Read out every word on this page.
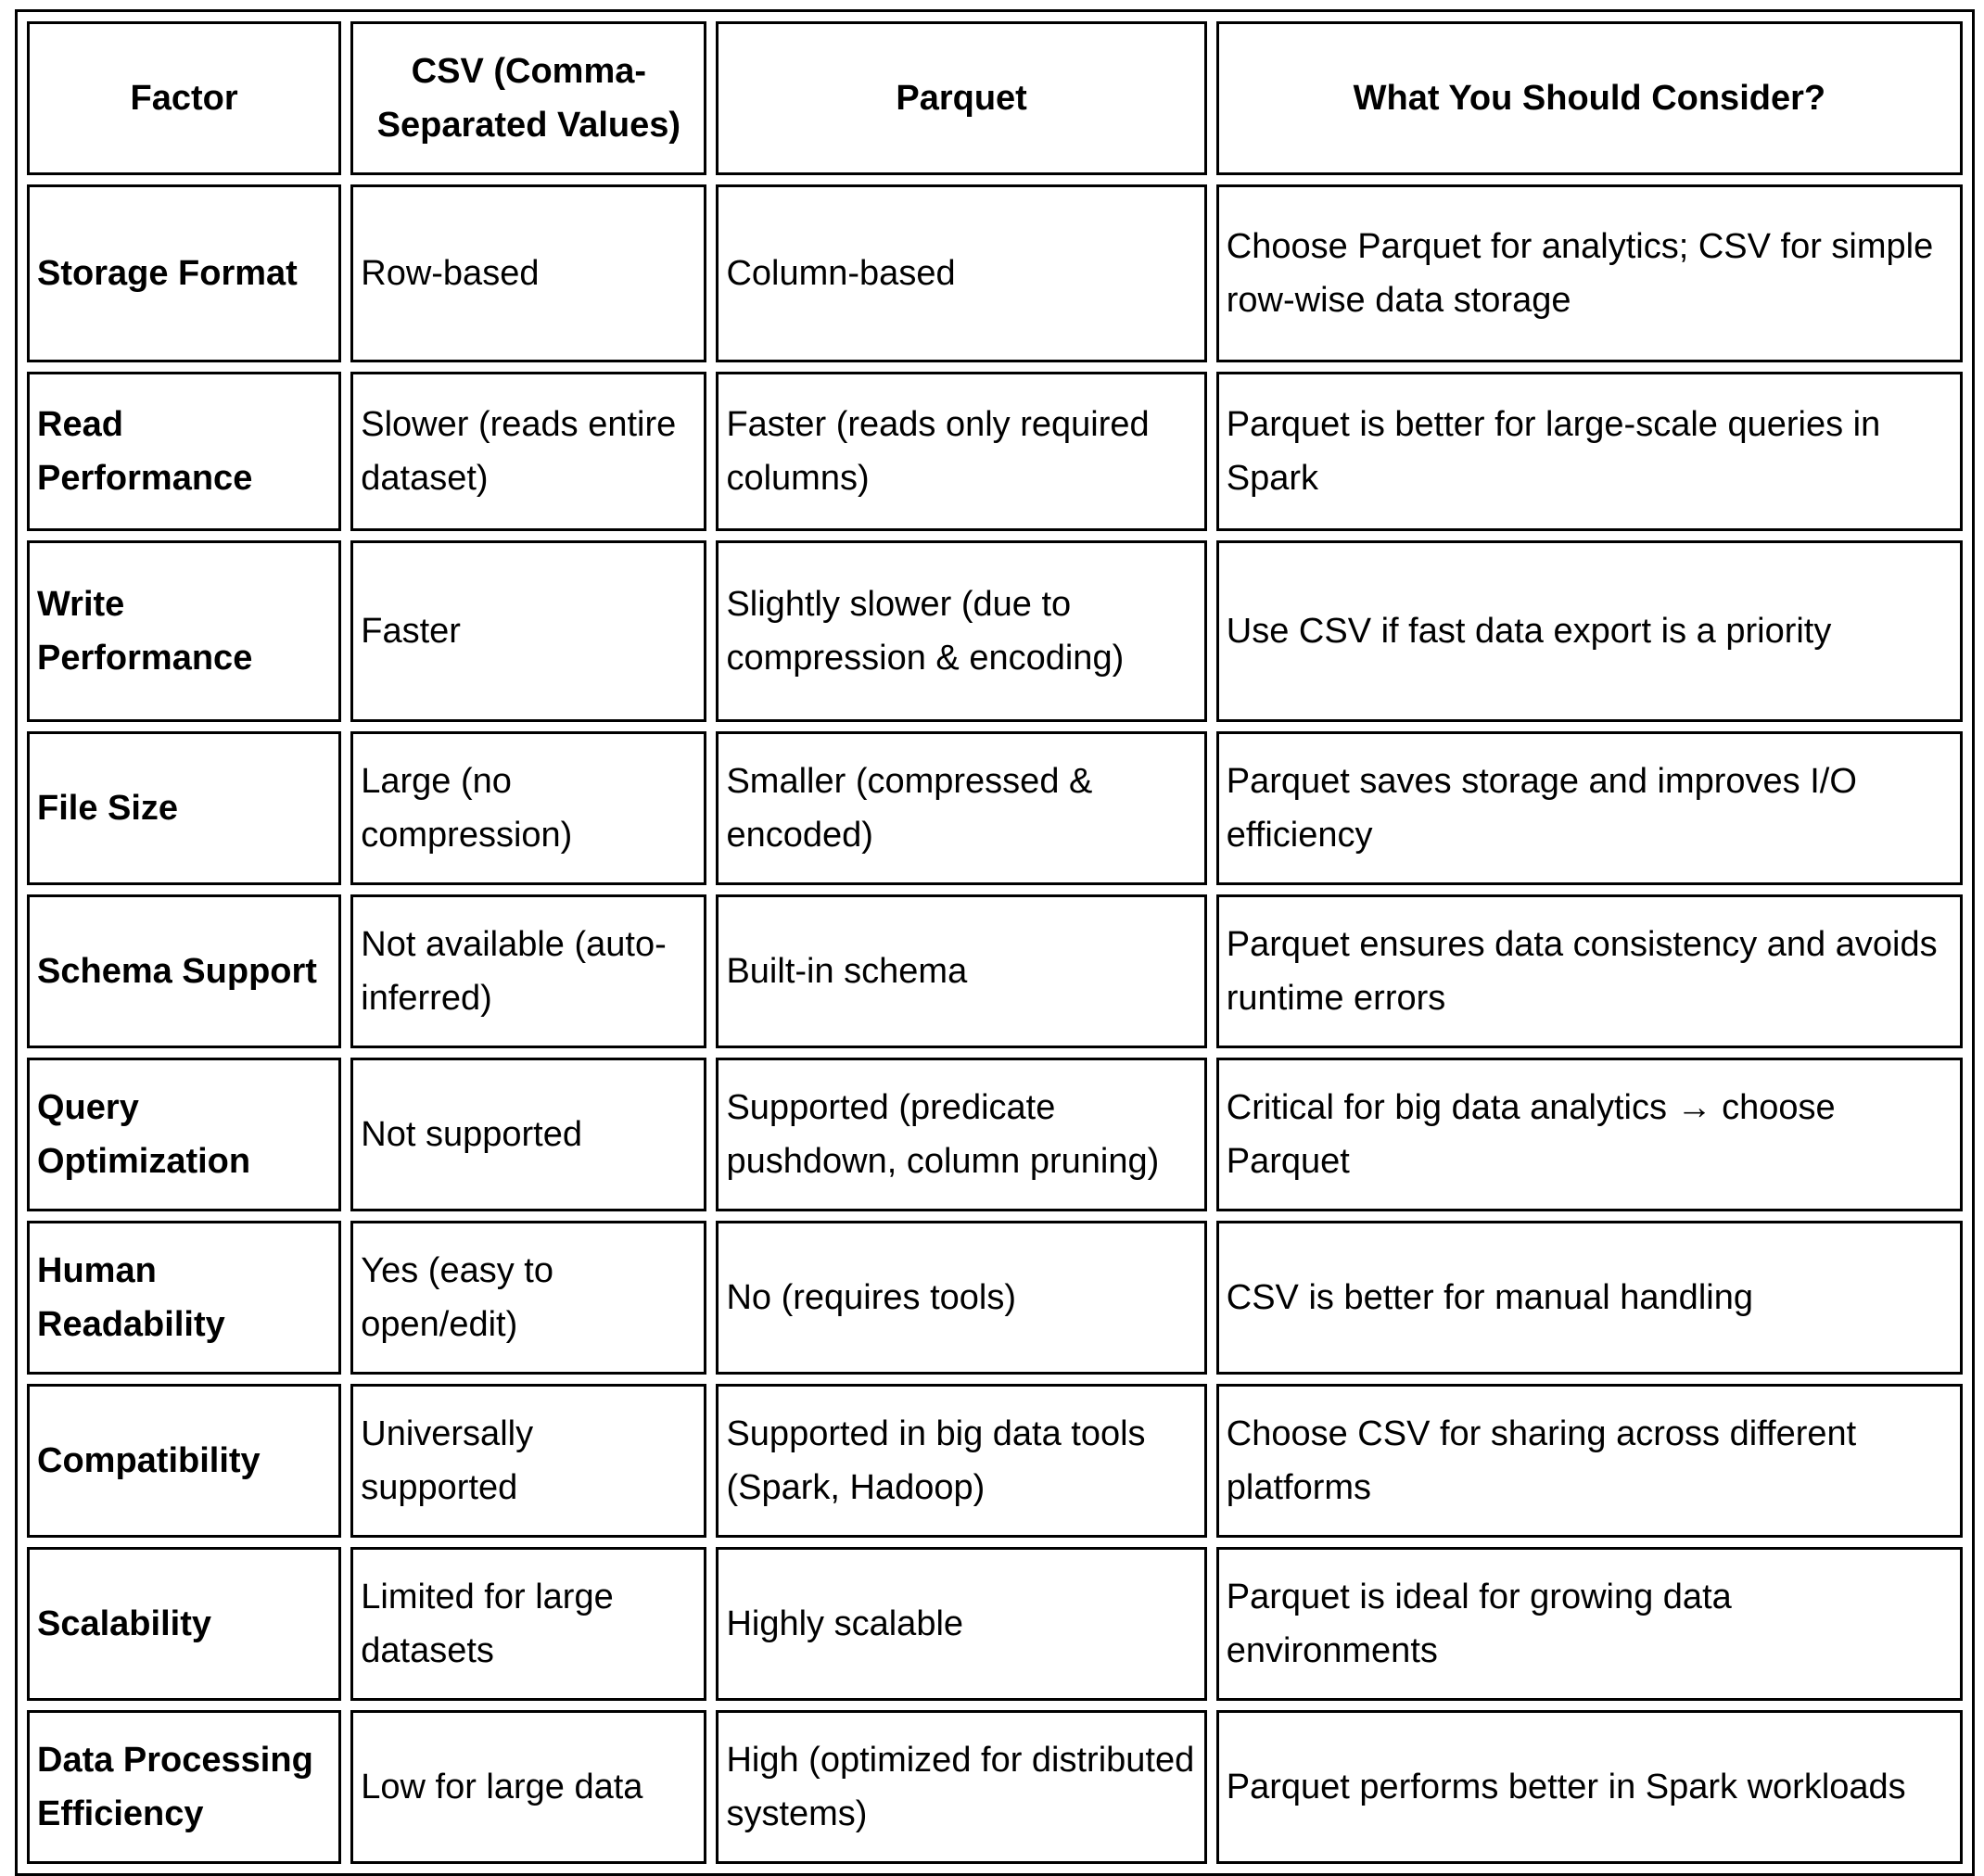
Factor	CSV (Comma-Separated Values)	Parquet	What You Should Consider?
Storage Format	Row-based	Column-based	Choose Parquet for analytics; CSV for simple row-wise data storage
Read Performance	Slower (reads entire dataset)	Faster (reads only required columns)	Parquet is better for large-scale queries in Spark
Write Performance	Faster	Slightly slower (due to compression & encoding)	Use CSV if fast data export is a priority
File Size	Large (no compression)	Smaller (compressed & encoded)	Parquet saves storage and improves I/O efficiency
Schema Support	Not available (auto-inferred)	Built-in schema	Parquet ensures data consistency and avoids runtime errors
Query Optimization	Not supported	Supported (predicate pushdown, column pruning)	Critical for big data analytics → choose Parquet
Human Readability	Yes (easy to open/edit)	No (requires tools)	CSV is better for manual handling
Compatibility	Universally supported	Supported in big data tools (Spark, Hadoop)	Choose CSV for sharing across different platforms
Scalability	Limited for large datasets	Highly scalable	Parquet is ideal for growing data environments
Data Processing Efficiency	Low for large data	High (optimized for distributed systems)	Parquet performs better in Spark workloads
